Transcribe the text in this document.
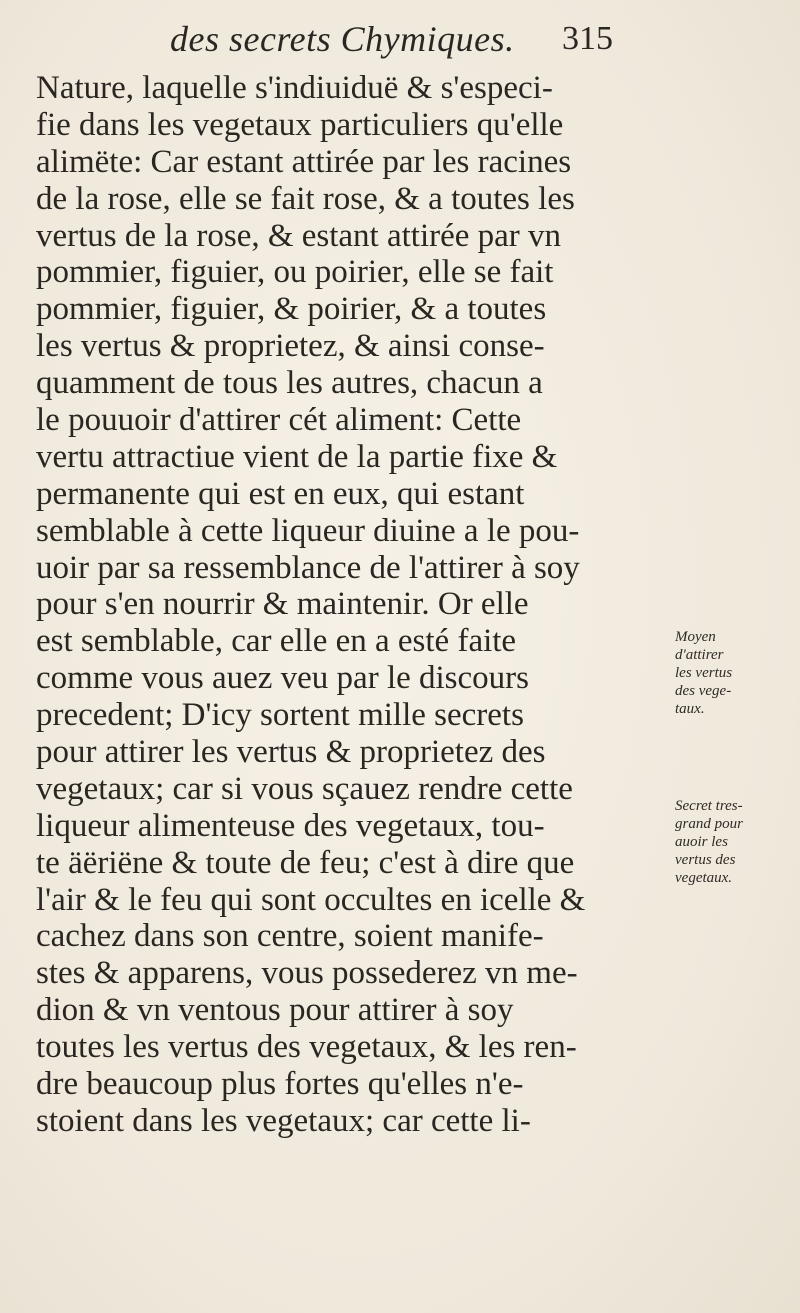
des secrets Chymiques. 315
Nature, laquelle s'indiuiduë & s'especi-
fie dans les vegetaux particuliers qu'elle
alimëte: Car estant attirée par les racines
de la rose, elle se fait rose, & a toutes les
vertus de la rose, & estant attirée par vn
pommier, figuier, ou poirier, elle se fait
pommier, figuier, & poirier, & a toutes
les vertus & proprietez, & ainsi conse-
quamment de tous les autres, chacun a
le pouuoir d'attirer cét aliment: Cette
vertu attractiue vient de la partie fixe &
permanente qui est en eux, qui estant
semblable à cette liqueur diuine a le pou-
uoir par sa ressemblance de l'attirer à soy
pour s'en nourrir & maintenir. Or elle
est semblable, car elle en a esté faite
comme vous auez veu par le discours
precedent; D'icy sortent mille secrets
pour attirer les vertus & proprietez des
vegetaux; car si vous sçauez rendre cette
liqueur alimenteuse des vegetaux, tou-
te äëriëne & toute de feu; c'est à dire que
l'air & le feu qui sont occultes en icelle &
cachez dans son centre, soient manife-
stes & apparens, vous possederez vn me-
dion & vn ventous pour attirer à soy
toutes les vertus des vegetaux, & les ren-
dre beaucoup plus fortes qu'elles n'e-
stoient dans les vegetaux; car cette li-
Moyen
d'attirer
les vertus
des vege-
taux.
Secret tres-
grand pour
auoir les
vertus des
vegetaux.
